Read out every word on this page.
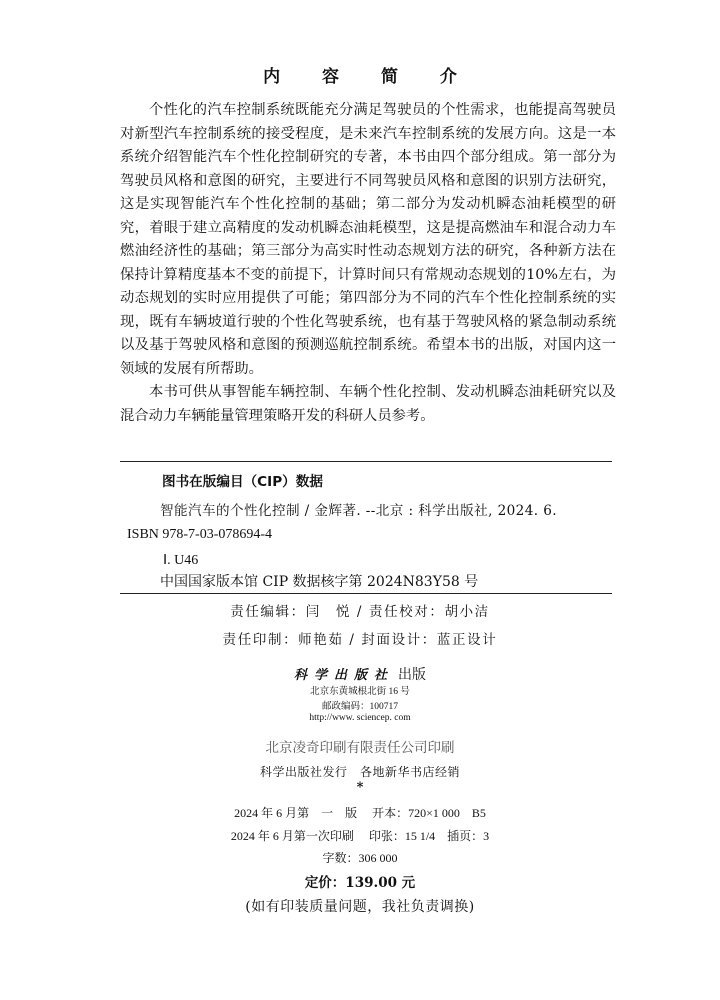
内 容 简 介

个性化的汽车控制系统既能充分满足驾驶员的个性需求，也能提高驾驶员对新型汽车控制系统的接受程度，是未来汽车控制系统的发展方向。这是一本系统介绍智能汽车个性化控制研究的专著，本书由四个部分组成。第一部分为驾驶员风格和意图的研究，主要进行不同驾驶员风格和意图的识别方法研究，这是实现智能汽车个性化控制的基础；第二部分为发动机瞬态油耗模型的研究，着眼于建立高精度的发动机瞬态油耗模型，这是提高燃油车和混合动力车燃油经济性的基础；第三部分为高实时性动态规划方法的研究，各种新方法在保持计算精度基本不变的前提下，计算时间只有常规动态规划的10%左右，为动态规划的实时应用提供了可能；第四部分为不同的汽车个性化控制系统的实现，既有车辆坡道行驶的个性化驾驶系统，也有基于驾驶风格的紧急制动系统以及基于驾驶风格和意图的预测巡航控制系统。希望本书的出版，对国内这一领域的发展有所帮助。

本书可供从事智能车辆控制、车辆个性化控制、发动机瞬态油耗研究以及混合动力车辆能量管理策略开发的科研人员参考。

图书在版编目（CIP）数据
智能汽车的个性化控制 / 金辉著. --北京 : 科学出版社, 2024. 6.
ISBN 978-7-03-078694-4
Ⅰ. U46
中国国家版本馆 CIP 数据核字第 2024N83Y58 号
责任编辑：闫　悦 / 责任校对：胡小洁
责任印制：师艳茹 / 封面设计：蓝正设计
科学出版社 出版
北京东黄城根北街 16 号
邮政编码：100717
http://www. sciencep. com
北京凌奇印刷有限责任公司印刷
科学出版社发行　各地新华书店经销
*
2024 年 6 月第　一　版 开本：720×1 000　B5
2024 年 6 月第一次印刷 印张：15 1/4　插页：3
字数：306 000
定价：139.00 元
(如有印装质量问题，我社负责调换)
